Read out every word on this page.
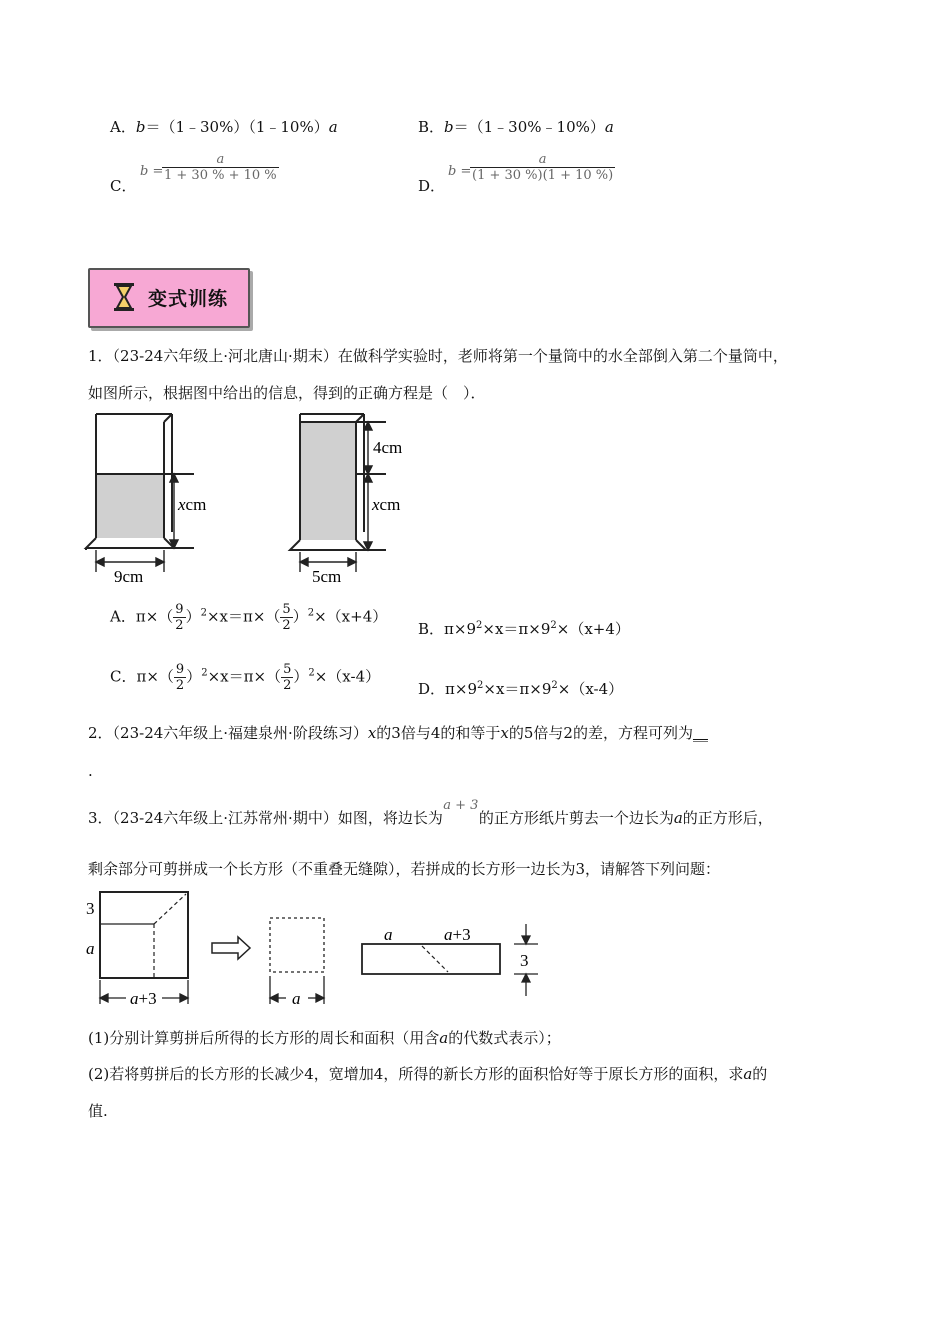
A．b＝（1﹣30%）（1﹣10%）a	B．b＝（1﹣30%﹣10%）a
C．
b =
$\frac{a}{1 + 30 \% + 10 \%}$
D．
b =
$\frac{a}{(1 + 30 \%)(1 + 10 \%)}$
变式训练
1．（23-24六年级上·河北唐山·期末）在做科学实验时，老师将第一个量筒中的水全部倒入第二个量筒中，
如图所示，根据图中给出的信息，得到的正确方程是（　）．
xcm
9cm
4cm
xcm
5cm
A．$\pi\times( \frac{9}{2} )^2\times x=\pi\times( \frac{5}{2} )^2\times(x+4)$
B．$\pi\times 9^2\times x=\pi\times 9^2\times(x+4)$
C．$\pi\times( \frac{9}{2} )^2\times x=\pi\times( \frac{5}{2} )^2\times(x-4)$
D．$\pi\times 9^2\times x=\pi\times 9^2\times(x-4)$
2．（23-24六年级上·福建泉州·阶段练习）x的3倍与4的和等于x的5倍与2的差，方程可列为__
.
3．（23-24六年级上·江苏常州·期中）如图，将边长为a + 3的正方形纸片剪去一个边长为a的正方形后，
剩余部分可剪拼成一个长方形（不重叠无缝隙），若拼成的长方形一边长为3，请解答下列问题：
3
a
a+3	a
a	a+3
3
(1)分别计算剪拼后所得的长方形的周长和面积（用含a的代数式表示）；
(2)若将剪拼后的长方形的长减少4，宽增加4，所得的新长方形的面积恰好等于原长方形的面积，求a的
值.
